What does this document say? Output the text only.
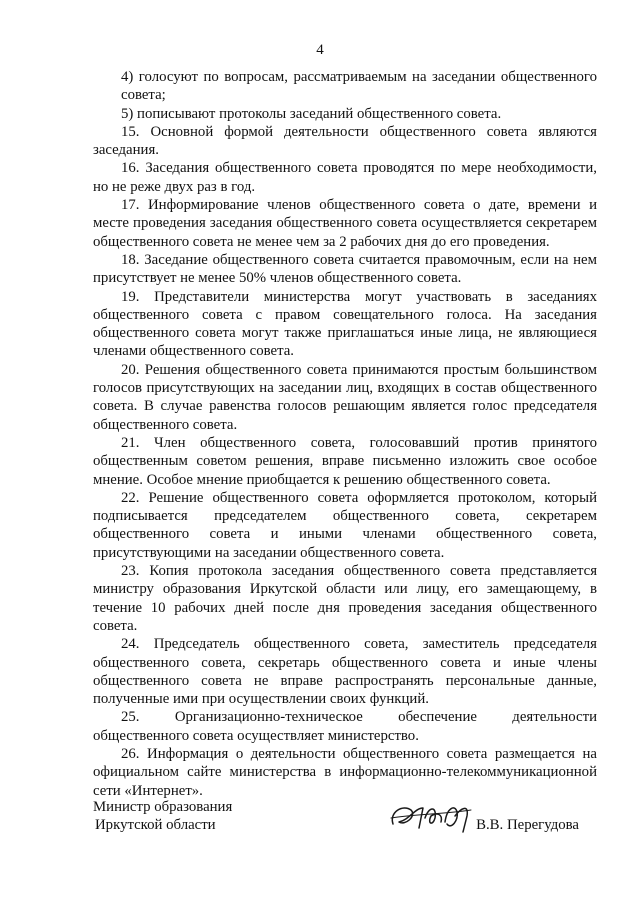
4

4) голосуют по вопросам, рассматриваемым на заседании общественного совета;

5) пописывают протоколы заседаний общественного совета.

15. Основной формой деятельности общественного совета являются заседания.

16. Заседания общественного совета проводятся по мере необходимости, но не реже двух раз в год.

17. Информирование членов общественного совета о дате, времени и месте проведения заседания общественного совета осуществляется секретарем общественного совета не менее чем за 2 рабочих дня до его проведения.

18. Заседание общественного совета считается правомочным, если на нем присутствует не менее 50% членов общественного совета.

19. Представители министерства могут участвовать в заседаниях общественного совета с правом совещательного голоса. На заседания общественного совета могут также приглашаться иные лица, не являющиеся членами общественного совета.

20. Решения общественного совета принимаются простым большинством голосов присутствующих на заседании лиц, входящих в состав общественного совета. В случае равенства голосов решающим является голос председателя общественного совета.

21. Член общественного совета, голосовавший против принятого общественным советом решения, вправе письменно изложить свое особое мнение. Особое мнение приобщается к решению общественного совета.

22. Решение общественного совета оформляется протоколом, который подписывается председателем общественного совета, секретарем общественного совета и иными членами общественного совета, присутствующими на заседании общественного совета.

23. Копия протокола заседания общественного совета представляется министру образования Иркутской области или лицу, его замещающему, в течение 10 рабочих дней после дня проведения заседания общественного совета.

24. Председатель общественного совета, заместитель председателя общественного совета, секретарь общественного совета и иные члены общественного совета не вправе распространять персональные данные, полученные ими при осуществлении своих функций.

25. Организационно-техническое обеспечение деятельности общественного совета осуществляет министерство.

26. Информация о деятельности общественного совета размещается на официальном сайте министерства в информационно-телекоммуникационной сети «Интернет».

Министр образования
Иркутской области	В.В. Перегудова
